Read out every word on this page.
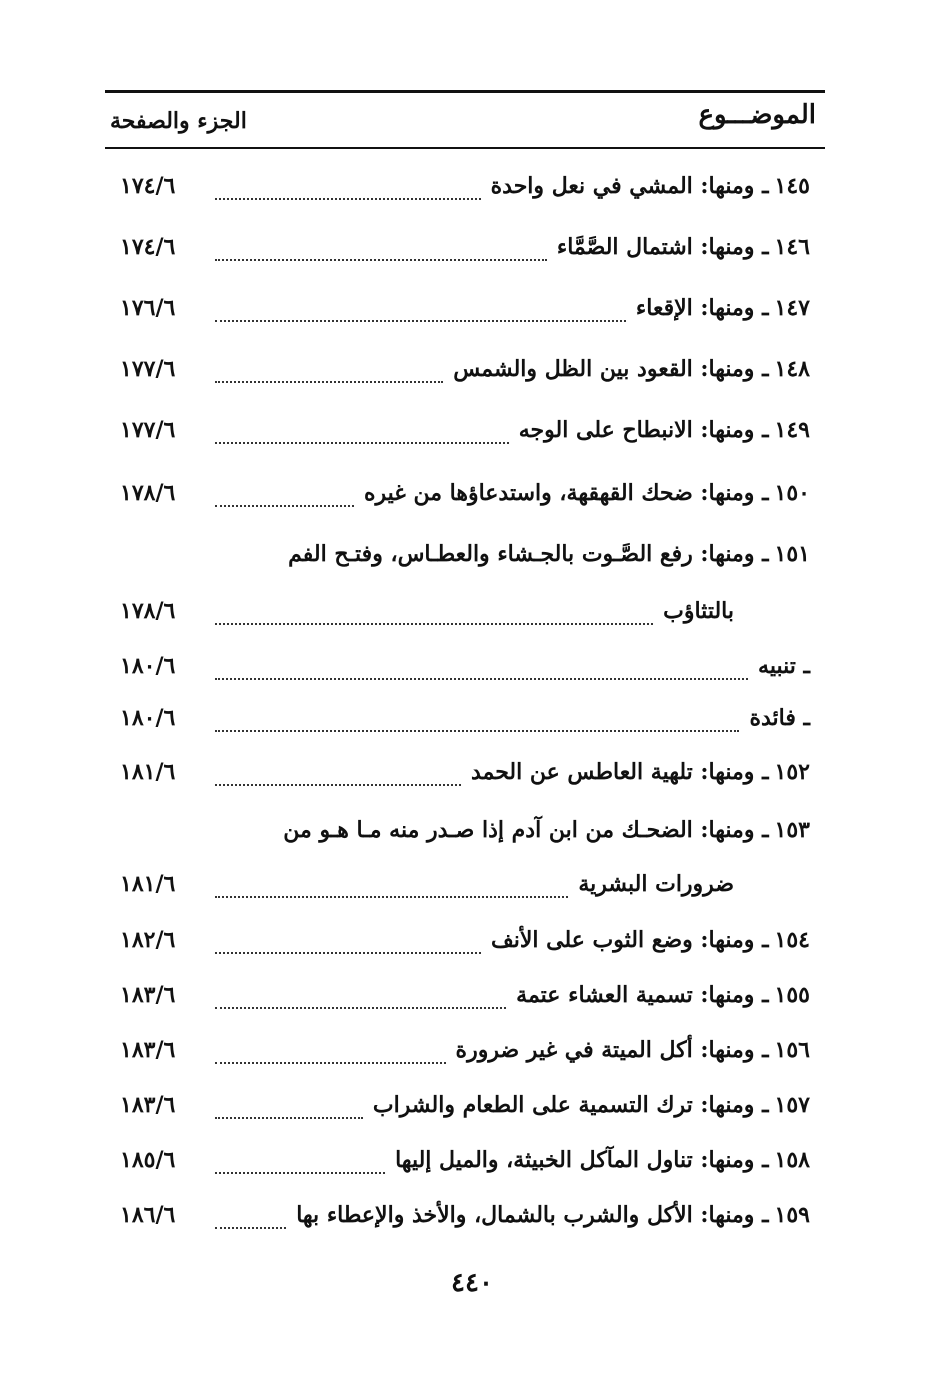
الموضـــوع
الجزء والصفحة
١٤٥
ـ ومنها: المشي في نعل واحدة
١٧٤/٦
١٤٦
ـ ومنها: اشتمال الصَّمَّاء
١٧٤/٦
١٤٧
ـ ومنها: الإقعاء
١٧٦/٦
١٤٨
ـ ومنها: القعود بين الظل والشمس
١٧٧/٦
١٤٩
ـ ومنها: الانبطاح على الوجه
١٧٧/٦
١٥٠
ـ ومنها: ضحك القهقهة، واستدعاؤها من غيره
١٧٨/٦
١٥١
ـ ومنها: رفع الصَّـوت بالجـشاء والعطـاس، وفتـح الفم
بالتثاؤب
١٧٨/٦
ـ تنبيه
١٨٠/٦
ـ فائدة
١٨٠/٦
١٥٢
ـ ومنها: تلهية العاطس عن الحمد
١٨١/٦
١٥٣
ـ ومنها: الضحـك من ابن آدم إذا صـدر منه مـا هـو من
ضرورات البشرية
١٨١/٦
١٥٤
ـ ومنها: وضع الثوب على الأنف
١٨٢/٦
١٥٥
ـ ومنها: تسمية العشاء عتمة
١٨٣/٦
١٥٦
ـ ومنها: أكل الميتة في غير ضرورة
١٨٣/٦
١٥٧
ـ ومنها: ترك التسمية على الطعام والشراب
١٨٣/٦
١٥٨
ـ ومنها: تناول المآكل الخبيثة، والميل إليها
١٨٥/٦
١٥٩
ـ ومنها: الأكل والشرب بالشمال، والأخذ والإعطاء بها
١٨٦/٦
٤٤٠
